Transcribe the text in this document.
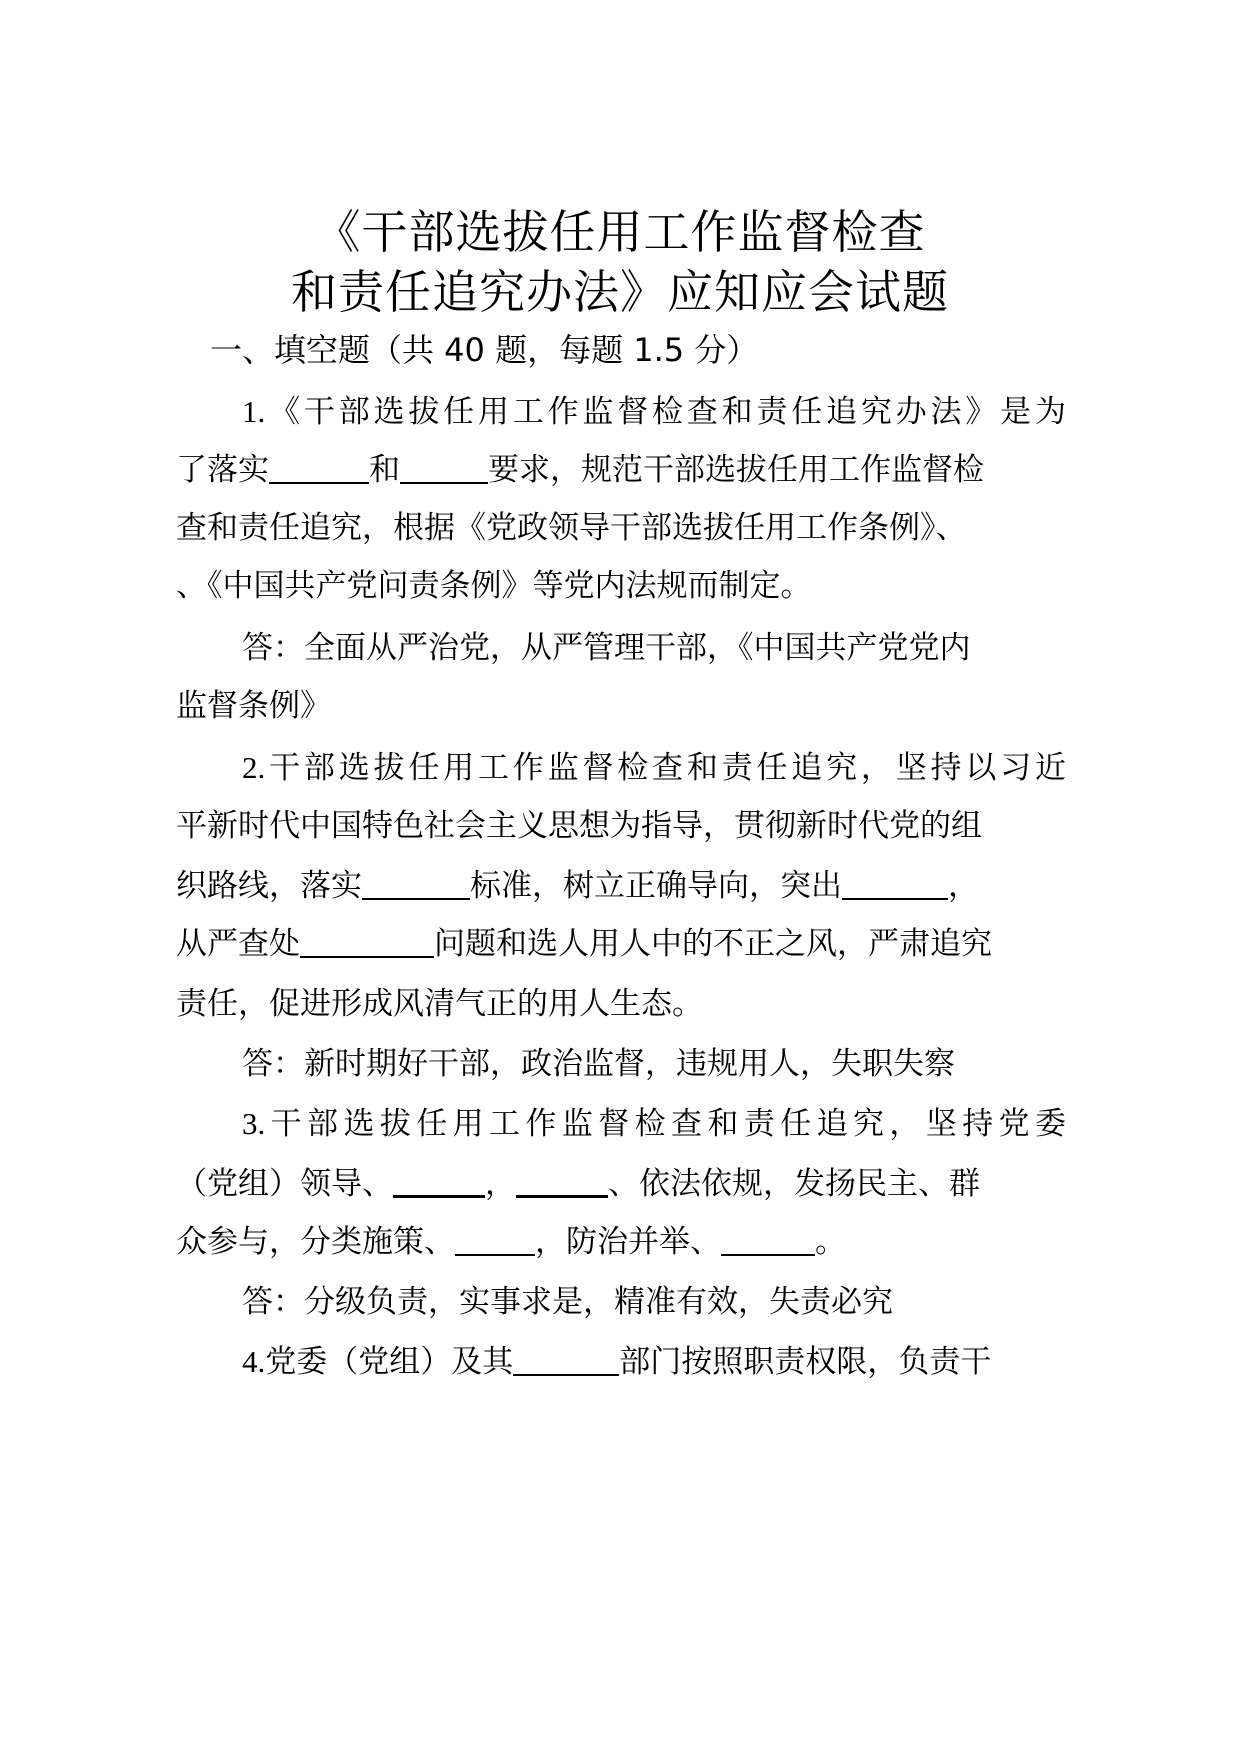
《干部选拔任用工作监督检查
和责任追究办法》应知应会试题
一、填空题（共 40 题，每题 1.5 分）
1.《干部选拔任用工作监督检查和责任追究办法》是为
了落实	和	要求，规范干部选拔任用工作监督检
查和责任追究，根据《党政领导干部选拔任用工作条例》、
、《中国共产党问责条例》等党内法规而制定。
答：全面从严治党，从严管理干部，《中国共产党党内
监督条例》
2.干部选拔任用工作监督检查和责任追究，坚持以习近
平新时代中国特色社会主义思想为指导，贯彻新时代党的组
织路线，落实	标准，树立正确导向，突出	，
从严查处	问题和选人用人中的不正之风，严肃追究
责任，促进形成风清气正的用人生态。
答：新时期好干部，政治监督，违规用人，失职失察
3.干部选拔任用工作监督检查和责任追究，坚持党委
（党组）领导、	，	、依法依规，发扬民主、群
众参与，分类施策、	，防治并举、	。
答：分级负责，实事求是，精准有效，失责必究
4.党委（党组）及其	部门按照职责权限，负责干
